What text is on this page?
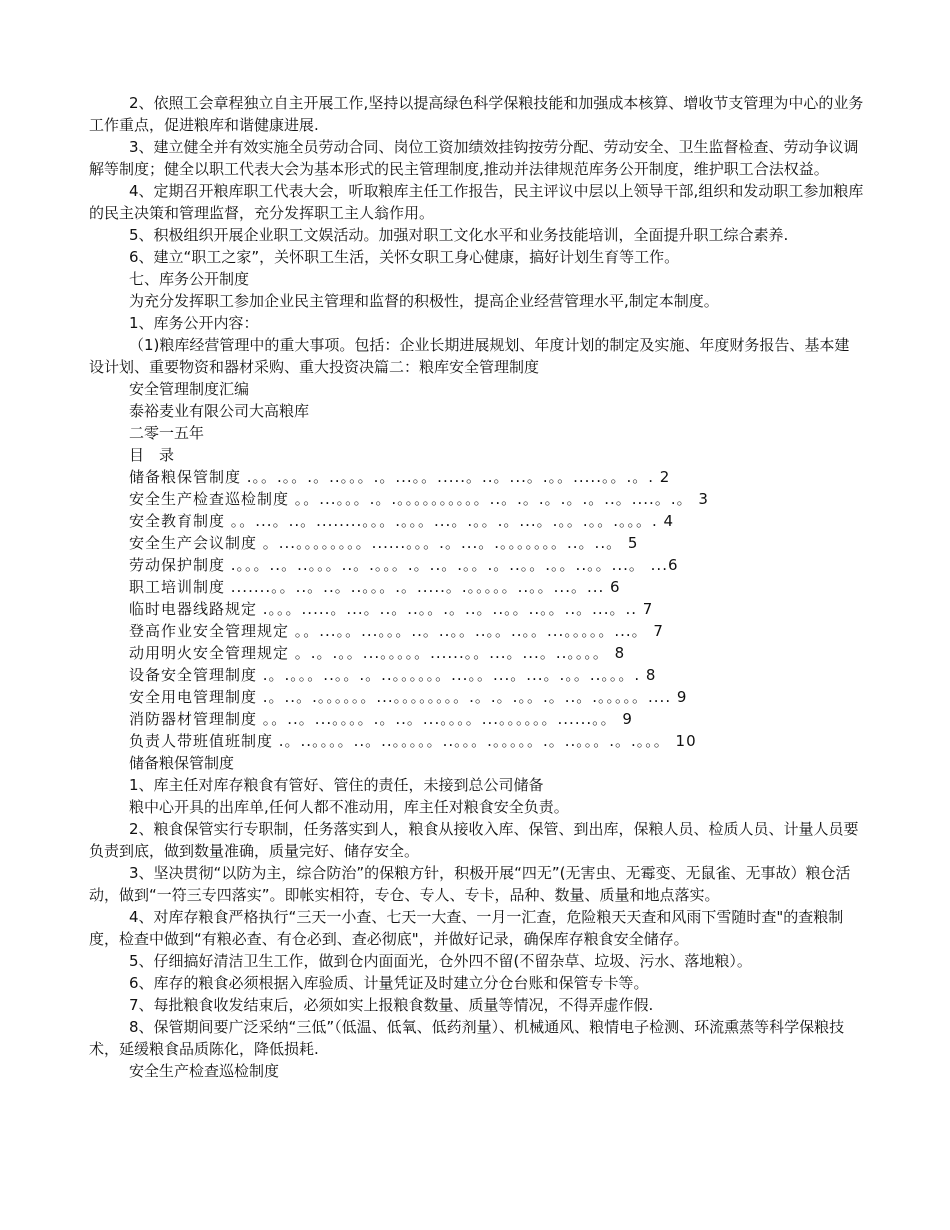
2、依照工会章程独立自主开展工作,坚持以提高绿色科学保粮技能和加强成本核算、增收节支管理为中心的业务工作重点，促进粮库和谐健康进展.

3、建立健全并有效实施全员劳动合同、岗位工资加绩效挂钩按劳分配、劳动安全、卫生监督检查、劳动争议调解等制度；健全以职工代表大会为基本形式的民主管理制度,推动并法律规范库务公开制度，维护职工合法权益。

4、定期召开粮库职工代表大会，听取粮库主任工作报告，民主评议中层以上领导干部,组织和发动职工参加粮库的民主决策和管理监督，充分发挥职工主人翁作用。

5、积极组织开展企业职工文娱活动。加强对职工文化水平和业务技能培训，全面提升职工综合素养.

6、建立“职工之家”，关怀职工生活，关怀女职工身心健康，搞好计划生育等工作。

七、库务公开制度

为充分发挥职工参加企业民主管理和监督的积极性，提高企业经营管理水平,制定本制度。

1、库务公开内容：

（1)粮库经营管理中的重大事项。包括：企业长期进展规划、年度计划的制定及实施、年度财务报告、基本建设计划、重要物资和器材采购、重大投资决篇二：粮库安全管理制度

安全管理制度汇编

泰裕麦业有限公司大高粮库

二零一五年

目　录

储备粮保管制度 .。。.。。.。..。。。.。...。。.....。..。...。.。。.....。。.。. 2

安全生产检查巡检制度 。。...。。。.。.。。。。。。。。。。..。.。.。.。.。..。....。.。 3

安全教育制度 。。...。..。........。。。.。。。...。.。。.。...。.。。.。。.。。。. 4

安全生产会议制度 。...。。。。。。。。......。。。.。...。.。。。。。。。..。..。 5

劳动保护制度 .。。。..。..。。。..。.。。。.。..。.。。.。..。。.。。..。。...。 ...6

职工培训制度 .......。。..。..。..。。。.。.....。.。。。。。..。。...。... 6

临时电器线路规定 .。。。.....。...。..。..。。.。..。..。。..。。..。...。.. 7

登高作业安全管理规定 。。...。。...。。。..。..。。..。。..。。...。。。。。...。 7

动用明火安全管理规定 。.。.。。...。。。。。......。。...。...。..。。。。 8

设备安全管理制度 .。.。。。..。。.。..。。。。。。...。。...。...。.。。..。。。. 8

安全用电管理制度 .。..。.。。。。。。...。。。。。。。。.。.。.。。.。..。.。。。。。.... 9

消防器材管理制度 。。..。...。。。。.。..。...。。。。...。。。。。。......。。 9

负责人带班值班制度 .。..。。。。..。..。。。。。..。。。.。。。。。.。..。。。.。.。。。 10

储备粮保管制度

1、库主任对库存粮食有管好、管住的责任，未接到总公司储备

粮中心开具的出库单,任何人都不准动用，库主任对粮食安全负责。

2、粮食保管实行专职制，任务落实到人，粮食从接收入库、保管、到出库，保粮人员、检质人员、计量人员要负责到底，做到数量准确，质量完好、储存安全。

3、坚决贯彻“以防为主，综合防治”的保粮方针，积极开展“四无”(无害虫、无霉变、无鼠雀、无事故）粮仓活动，做到“一符三专四落实”。即帐实相符，专仓、专人、专卡，品种、数量、质量和地点落实。

4、对库存粮食严格执行“三天一小查、七天一大查、一月一汇查，危险粮天天查和风雨下雪随时查"的查粮制度，检查中做到“有粮必查、有仓必到、查必彻底"，并做好记录，确保库存粮食安全储存。

5、仔细搞好清洁卫生工作，做到仓内面面光，仓外四不留(不留杂草、垃圾、污水、落地粮）。

6、库存的粮食必须根据入库验质、计量凭证及时建立分仓台账和保管专卡等。

7、每批粮食收发结束后，必须如实上报粮食数量、质量等情况，不得弄虚作假.

8、保管期间要广泛采纳“三低”（低温、低氧、低药剂量）、机械通风、粮情电子检测、环流熏蒸等科学保粮技术，延缓粮食品质陈化，降低损耗.

安全生产检查巡检制度
